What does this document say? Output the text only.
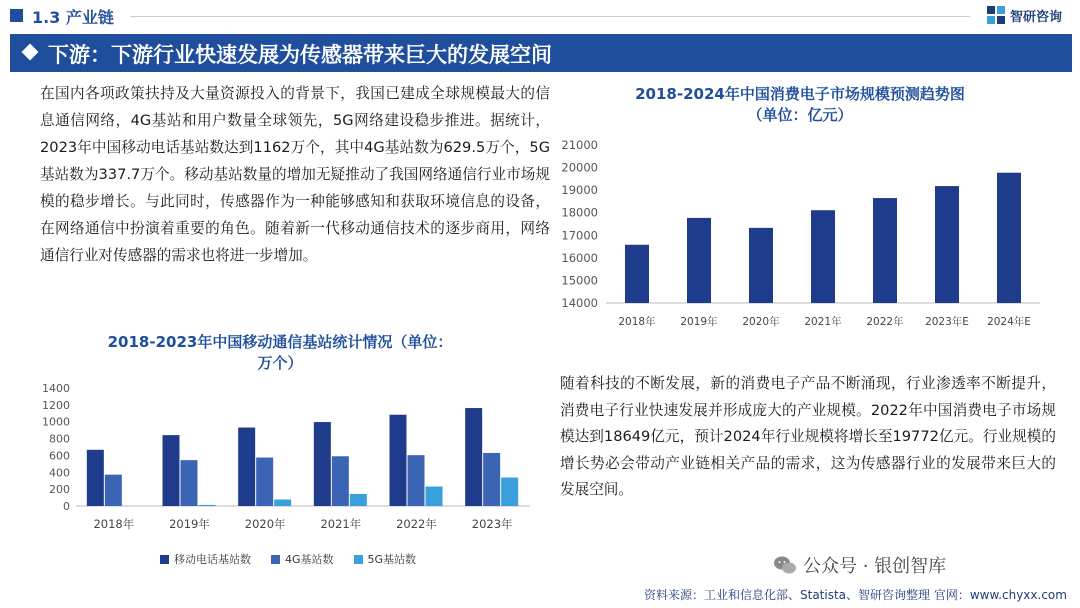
1.3 产业链	智研咨询
下游：下游行业快速发展为传感器带来巨大的发展空间
在国内各项政策扶持及大量资源投入的背景下，我国已建成全球规模最大的信息通信网络，4G基站和用户数量全球领先，5G网络建设稳步推进。据统计，2023年中国移动电话基站数达到1162万个，其中4G基站数为629.5万个，5G基站数为337.7万个。移动基站数量的增加无疑推动了我国网络通信行业市场规模的稳步增长。与此同时，传感器作为一种能够感知和获取环境信息的设备，在网络通信中扮演着重要的角色。随着新一代移动通信技术的逐步商用，网络通信行业对传感器的需求也将进一步增加。
2018-2023年中国移动通信基站统计情况（单位：
万个）
0
200
400
600
800
1000
1200
1400
2018年	2019年	2020年	2021年	2022年	2023年
移动电话基站数	4G基站数	5G基站数
2018-2024年中国消费电子市场规模预测趋势图
（单位：亿元）
14000
15000
16000
17000
18000
19000
20000
21000
2018年 2019年 2020年 2021年 2022年 2023年E 2024年E
随着科技的不断发展，新的消费电子产品不断涌现，行业渗透率不断提升，消费电子行业快速发展并形成庞大的产业规模。2022年中国消费电子市场规模达到18649亿元，预计2024年行业规模将增长至19772亿元。行业规模的增长势必会带动产业链相关产品的需求，这为传感器行业的发展带来巨大的发展空间。
公众号 · 银创智库
资料来源：工业和信息化部、Statista、智研咨询整理 官网：www.chyxx.com
